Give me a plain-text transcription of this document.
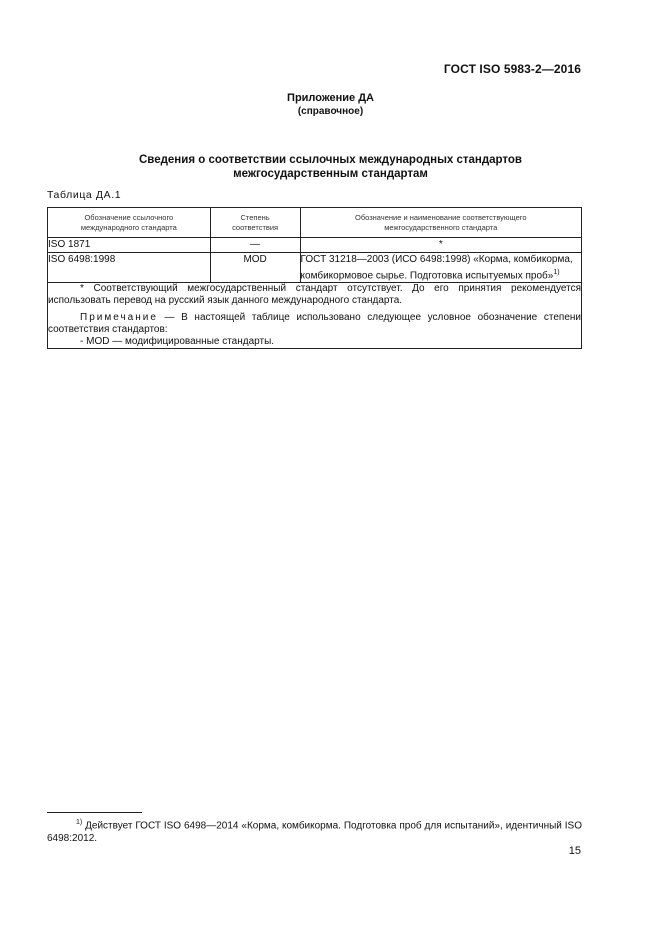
ГОСТ ISO 5983-2—2016
Приложение ДА
(справочное)
Сведения о соответствии ссылочных международных стандартов
межгосударственным стандартам
Таблица ДА.1
Обозначение ссылочного международного стандарта	Степень соответствия	Обозначение и наименование соответствующего межгосударственного стандарта

ISO 1871	—	*
ISO 6498:1998	MOD	ГОСТ 31218—2003 (ИСО 6498:1998) «Корма, комбикорма, комбикормовое сырье. Подготовка испытуемых проб»$^{1)}$

* Соответствующий межгосударственный стандарт отсутствует. До его принятия рекомендуется использовать перевод на русский язык данного международного стандарта.
Примечание — В настоящей таблице использовано следующее условное обозначение степени соответствия стандартов:
- MOD — модифицированные стандарты.		
$^{1)}$ Действует ГОСТ ISO 6498—2014 «Корма, комбикорма. Подготовка проб для испытаний», идентичный ISO 6498:2012.
15
